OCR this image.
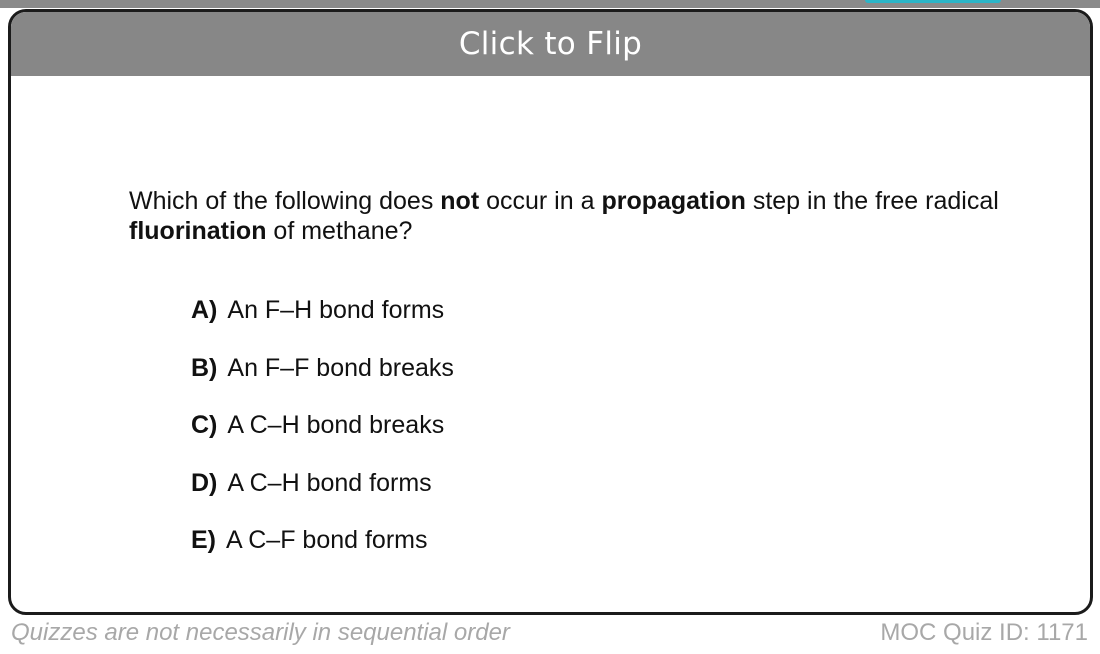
Click to Flip
Which of the following does not occur in a propagation step in the free radical fluorination of methane?
A) An F–H bond forms
B) An F–F bond breaks
C) A C–H bond breaks
D) A C–H bond forms
E) A C–F bond forms
Quizzes are not necessarily in sequential order	MOC Quiz ID: 1171
